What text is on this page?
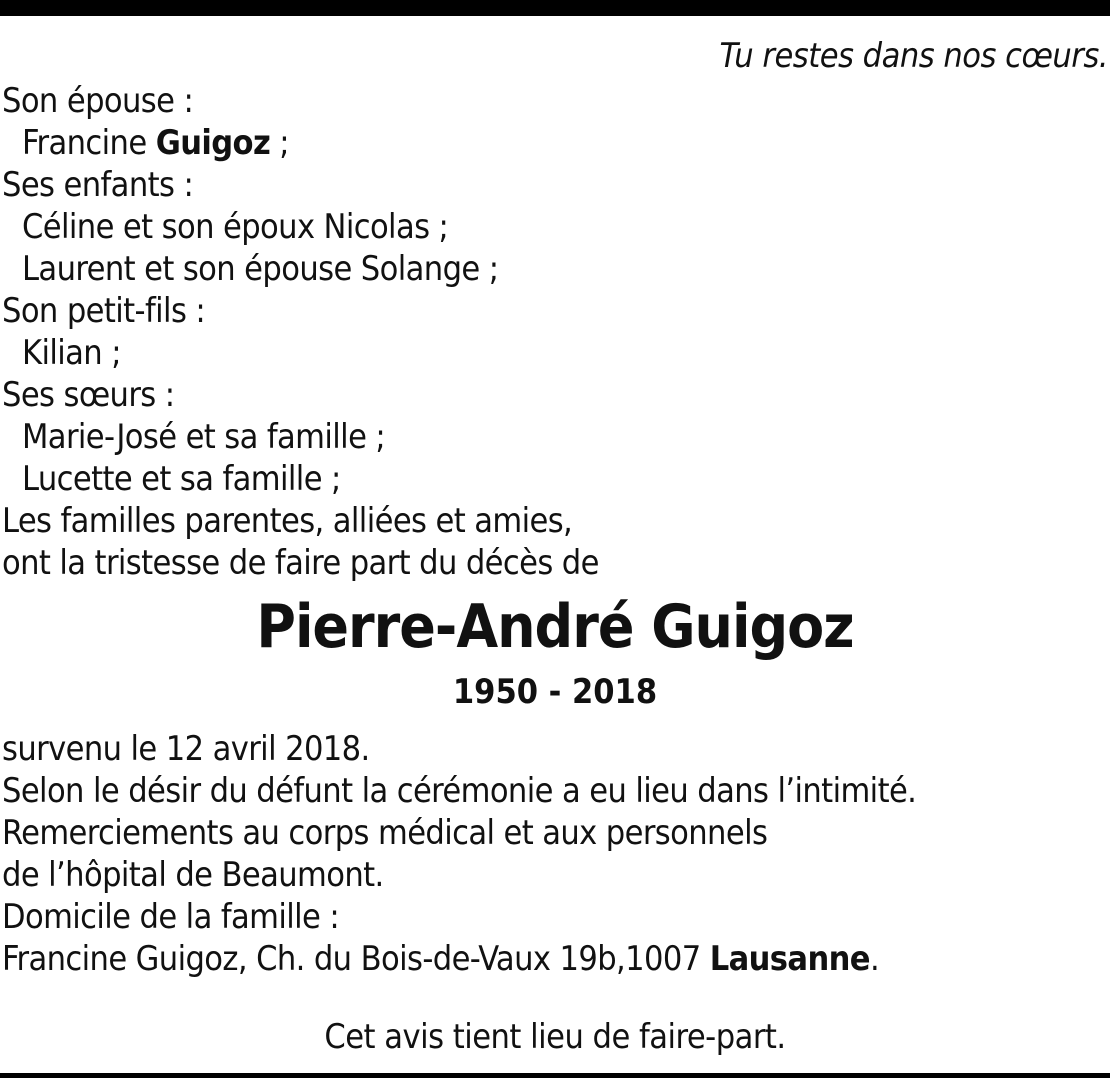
Tu restes dans nos cœurs.
Son épouse :
Francine Guigoz ;
Ses enfants :
Céline et son époux Nicolas ;
Laurent et son épouse Solange ;
Son petit-fils :
Kilian ;
Ses sœurs :
Marie-José et sa famille ;
Lucette et sa famille ;
Les familles parentes, alliées et amies,
ont la tristesse de faire part du décès de
Pierre-André Guigoz
1950 - 2018
survenu le 12 avril 2018.
Selon le désir du défunt la cérémonie a eu lieu dans l’intimité.
Remerciements au corps médical et aux personnels
de l’hôpital de Beaumont.
Domicile de la famille :
Francine Guigoz, Ch. du Bois-de-Vaux 19b,1007 Lausanne.
Cet avis tient lieu de faire-part.
